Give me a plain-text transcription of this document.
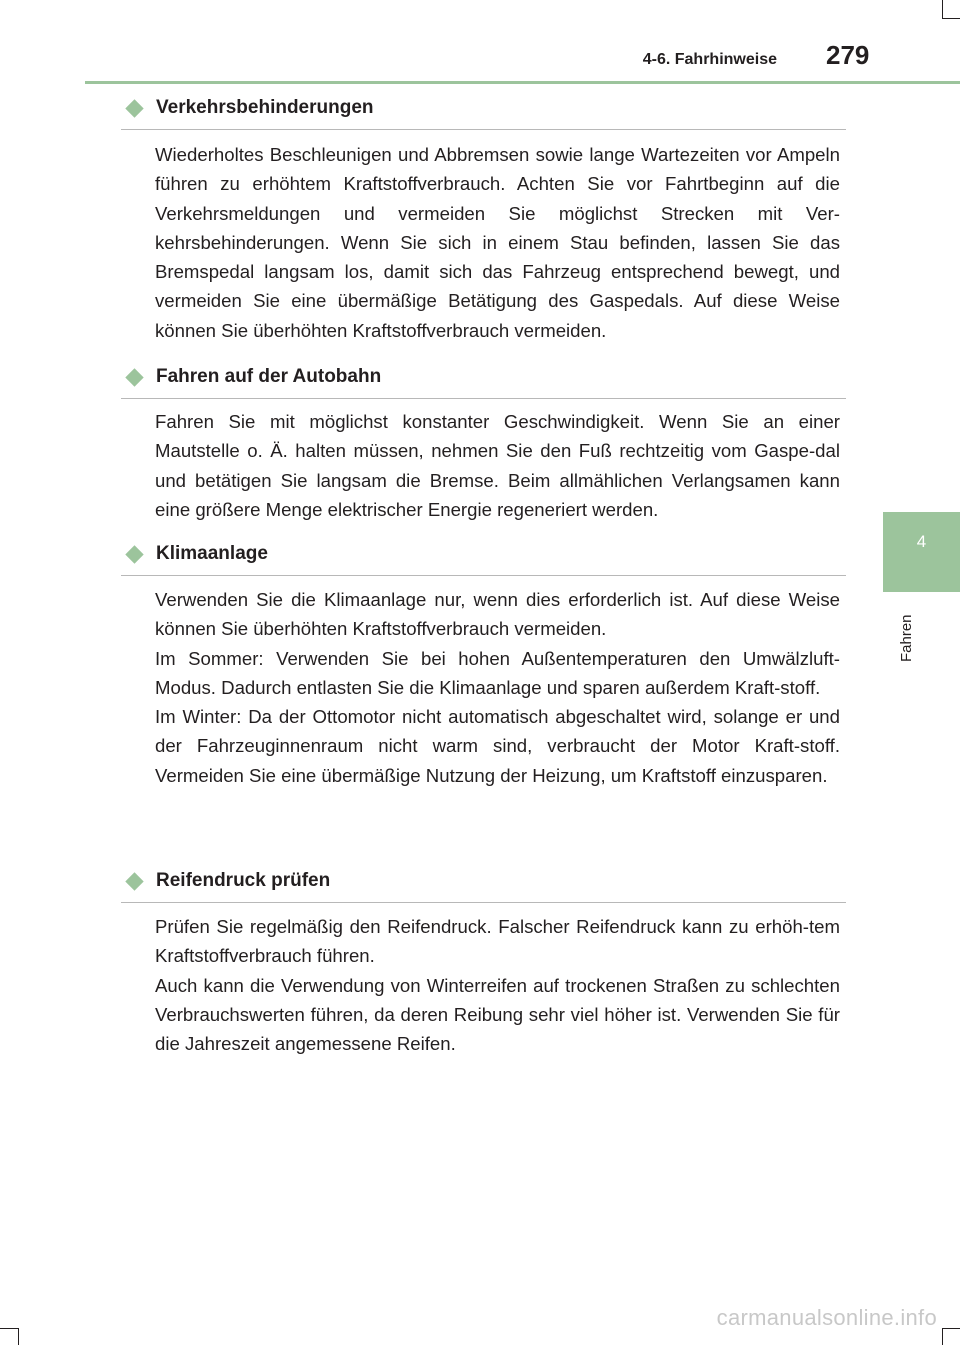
4-6. Fahrhinweise 279
4
Fahren
Verkehrsbehinderungen

Wiederholtes Beschleunigen und Abbremsen sowie lange Wartezeiten vor Ampeln führen zu erhöhtem Kraftstoffverbrauch. Achten Sie vor Fahrtbeginn auf die Verkehrsmeldungen und vermeiden Sie möglichst Strecken mit Ver-kehrsbehinderungen. Wenn Sie sich in einem Stau befinden, lassen Sie das Bremspedal langsam los, damit sich das Fahrzeug entsprechend bewegt, und vermeiden Sie eine übermäßige Betätigung des Gaspedals. Auf diese Weise können Sie überhöhten Kraftstoffverbrauch vermeiden.

Fahren auf der Autobahn

Fahren Sie mit möglichst konstanter Geschwindigkeit. Wenn Sie an einer Mautstelle o. Ä. halten müssen, nehmen Sie den Fuß rechtzeitig vom Gaspe-dal und betätigen Sie langsam die Bremse. Beim allmählichen Verlangsamen kann eine größere Menge elektrischer Energie regeneriert werden.

Klimaanlage

Verwenden Sie die Klimaanlage nur, wenn dies erforderlich ist. Auf diese Weise können Sie überhöhten Kraftstoffverbrauch vermeiden.

Im Sommer: Verwenden Sie bei hohen Außentemperaturen den Umwälzluft-Modus. Dadurch entlasten Sie die Klimaanlage und sparen außerdem Kraft-stoff.

Im Winter: Da der Ottomotor nicht automatisch abgeschaltet wird, solange er und der Fahrzeuginnenraum nicht warm sind, verbraucht der Motor Kraft-stoff. Vermeiden Sie eine übermäßige Nutzung der Heizung, um Kraftstoff einzusparen.

Reifendruck prüfen

Prüfen Sie regelmäßig den Reifendruck. Falscher Reifendruck kann zu erhöh-tem Kraftstoffverbrauch führen.

Auch kann die Verwendung von Winterreifen auf trockenen Straßen zu schlechten Verbrauchswerten führen, da deren Reibung sehr viel höher ist. Verwenden Sie für die Jahreszeit angemessene Reifen.

carmanualsonline.info
